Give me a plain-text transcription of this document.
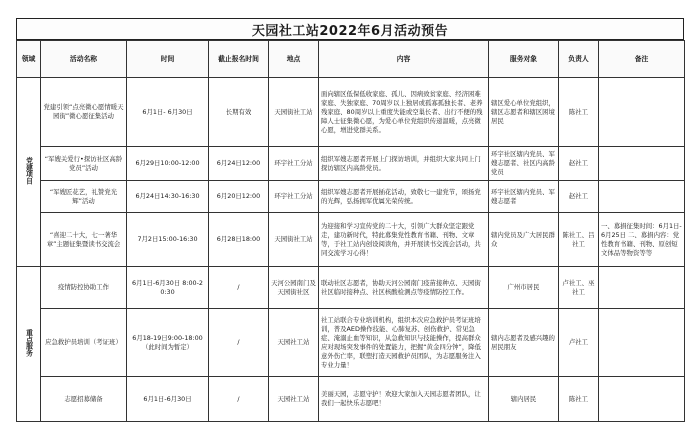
天园社工站2022年6月活动预告
领域	活动名称	时间	截止报名时间	地点	内容	服务对象	负责人	备注
党建项目	党建引领“点亮微心愿情暖天园街”微心愿征集活动	6月1日- 6月30日	长期有效	天园街社工站	面向辖区低保低收家庭、孤儿、因病致贫家庭、经济困难家庭、失独家庭、70周岁以上独居或孤寡孤独长者、老养残家庭、80周岁以上重度失能或空巢长者、出行不便的残障人士征集微心愿，为爱心单位党组织传递温暖，点亮微心愿，增进党群关系。	辖区爱心单位党组织，辖区志愿者和辖区困境居民	陈社工	
	“军嫂关爱行•探访社区高龄党员”活动	6月29日10:00-12:00	6月24日12:00	环宇社工分站	组织军嫂志愿者开展上门探访培训，并组织大家共同上门探访辖区内高龄党员。	环宇社区辖内党员、军嫂志愿者、社区内高龄党员	赵社工	
	“军嫂匠花艺，礼赞党光辉”活动	6月24日14:30-16:30	6月20日12:00	环宇社工分站	组织军嫂志愿者开展插花活动，致敬七一建党节，颂扬党的光辉，弘扬拥军优属光荣传统。	环宇社区辖内党员、军嫂志愿者	赵社工	
	“喜迎二十大，七一著华章”主题征集暨读书交流会	7月2日15:00-16:30	6月28日18:00	天园街社工站	为迎接和学习宣传党的二十大，引领广大群众坚定跟党走，建功新时代，特此募集党性教育书籍、刊物、文章等，于社工站内创设阅读角，并开展读书交流会活动，共同交流学习心得！	辖内党员及广大居民群众	陈社工、吕社工	一、募捐征集时间：6月1日-6月25日 二、募捐内容：党性教育书籍、刊物、原创短文体品等物资等等
重点服务	疫情防控协助工作	6月1日-6月30日 8:00-20:30	/	天河公园南门及天园街社区	联动社区志愿者，协助天河公园南门疫苗接种点、天园街社区临时接种点、社区核酸检测点等疫情防控工作。	广州市居民	卢社工、巫社工	
	应急救护员培训（考证班）	6月18-19日9:00-18:00（此时间为暂定）	/	天园社工站	社工站联合专业培训机构，组织本次应急救护员考证班培训，普及AED操作技能、心肺复苏、创伤救护、常见急症、淹溺止血等知识，从急救知识与技能操作，提高群众应对现场突发事件的处置能力，把握“黄金四分钟”，降低意外伤亡率，联塑打造天园救护员团队，为志愿服务注入专业力量！	辖内志愿者及感兴趣的居民朋友	卢社工	
	志愿招募储备	6月1日-6月30日	/	天园社工站	美丽天园，志愿守护！欢迎大家加入天园志愿者团队，让我们一起快乐志愿吧！	辖内居民	陈社工	
